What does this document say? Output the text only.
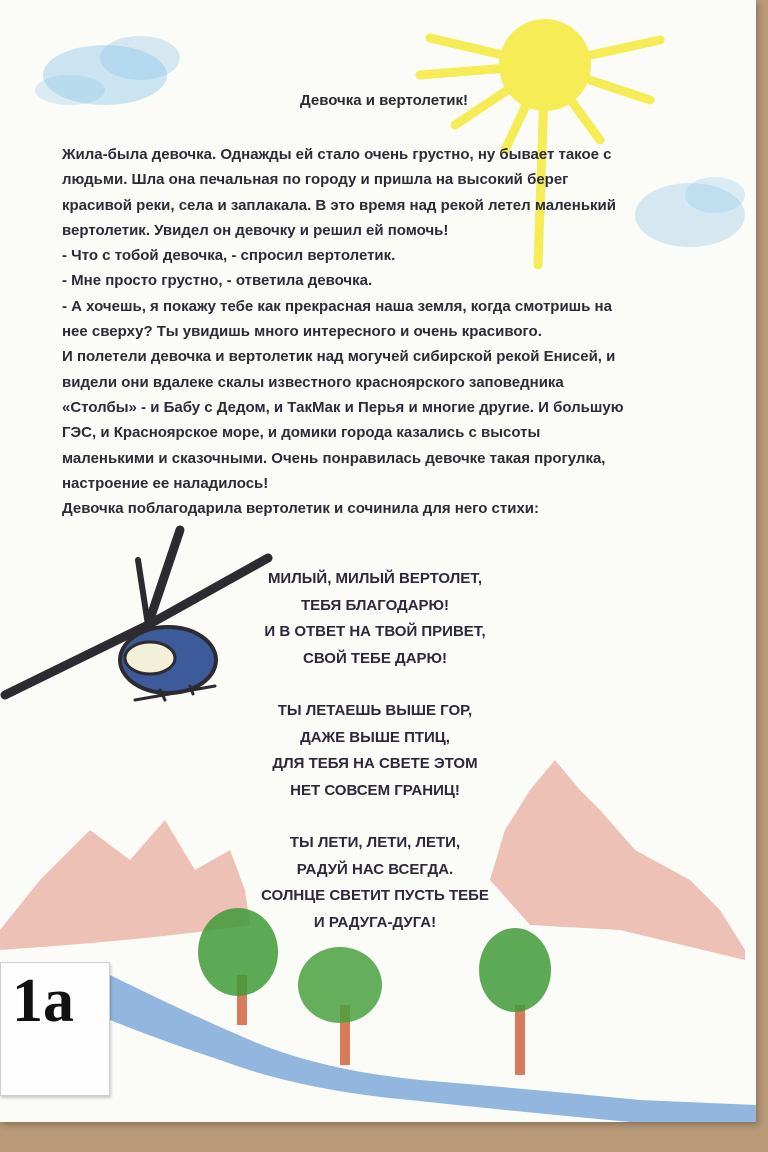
Девочка и вертолетик!
Жила-была девочка. Однажды ей стало очень грустно, ну бывает такое с
людьми. Шла она печальная по городу и пришла на высокий берег
красивой реки, села и заплакала. В это время над рекой летел маленький
вертолетик. Увидел он девочку и решил ей помочь!
- Что с тобой девочка, - спросил вертолетик.
- Мне просто грустно, - ответила девочка.
- А хочешь, я покажу тебе как прекрасная наша земля, когда смотришь на
нее сверху? Ты увидишь много интересного и очень красивого.
И полетели девочка и вертолетик над могучей сибирской рекой Енисей, и
видели они вдалеке скалы известного красноярского заповедника
«Столбы» - и Бабу с Дедом, и ТакМак и Перья и многие другие. И большую
ГЭС, и Красноярское море, и домики города казались с высоты
маленькими и сказочными. Очень понравилась девочке такая прогулка,
настроение ее наладилось!
Девочка поблагодарила вертолетик и сочинила для него стихи:
МИЛЫЙ, МИЛЫЙ ВЕРТОЛЕТ,
ТЕБЯ БЛАГОДАРЮ!
И В ОТВЕТ НА ТВОЙ ПРИВЕТ,
СВОЙ ТЕБЕ ДАРЮ!
ТЫ ЛЕТАЕШЬ ВЫШЕ ГОР,
ДАЖЕ ВЫШЕ ПТИЦ,
ДЛЯ ТЕБЯ НА СВЕТЕ ЭТОМ
НЕТ СОВСЕМ ГРАНИЦ!
ТЫ ЛЕТИ, ЛЕТИ, ЛЕТИ,
РАДУЙ НАС ВСЕГДА.
СОЛНЦЕ СВЕТИТ ПУСТЬ ТЕБЕ
И РАДУГА-ДУГА!
1а
